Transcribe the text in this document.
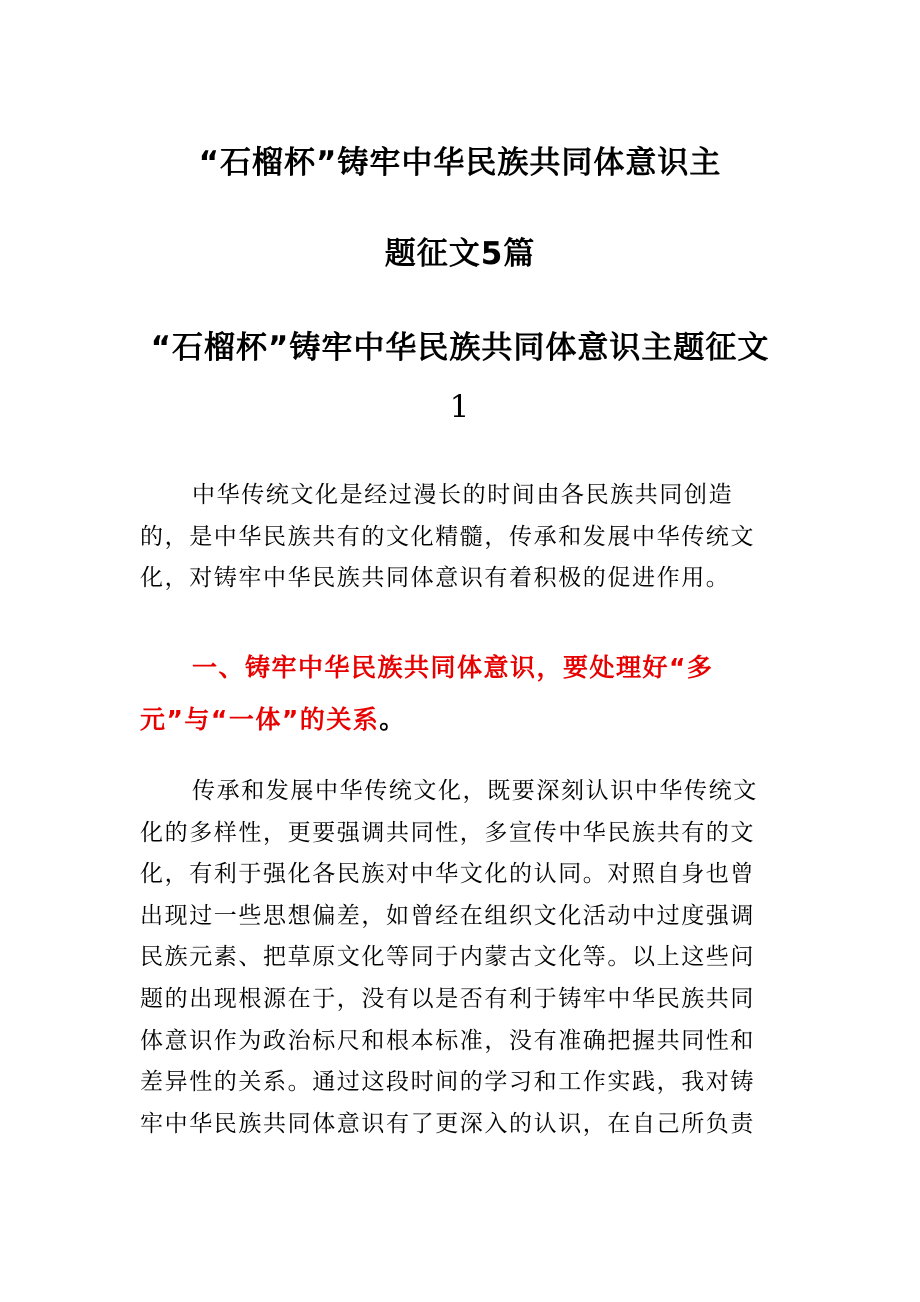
“石榴杯”铸牢中华民族共同体意识主
题征文5篇
“石榴杯”铸牢中华民族共同体意识主题征文
1

中华传统文化是经过漫长的时间由各民族共同创造
的，是中华民族共有的文化精髓，传承和发展中华传统文
化，对铸牢中华民族共同体意识有着积极的促进作用。

一、铸牢中华民族共同体意识，要处理好“多
元”与“一体”的关系。

传承和发展中华传统文化，既要深刻认识中华传统文
化的多样性，更要强调共同性，多宣传中华民族共有的文
化，有利于强化各民族对中华文化的认同。对照自身也曾
出现过一些思想偏差，如曾经在组织文化活动中过度强调
民族元素、把草原文化等同于内蒙古文化等。以上这些问
题的出现根源在于，没有以是否有利于铸牢中华民族共同
体意识作为政治标尺和根本标准，没有准确把握共同性和
差异性的关系。通过这段时间的学习和工作实践，我对铸
牢中华民族共同体意识有了更深入的认识，在自己所负责
